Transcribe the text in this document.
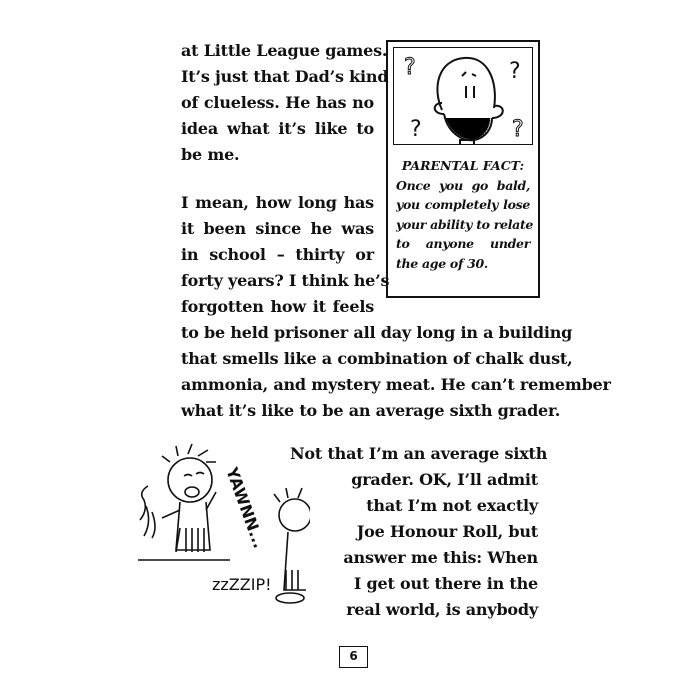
at Little League games.
It’s just that Dad’s kind
of clueless. He has no
idea what it’s like to
be me.
I mean, how long has
it been since he was
in school – thirty or
forty years? I think he’s
forgotten how it feels
to be held prisoner all day long in a building
that smells like a combination of chalk dust,
ammonia, and mystery meat. He can’t remember
what it’s like to be an average sixth grader.
?	?
?	?
PARENTAL FACT:
Once you go bald,
you completely lose
your ability to relate
to anyone under
the age of 30.
YAWNN...
zzZZIP!
Not that I’m an average sixth
grader. OK, I’ll admit
that I’m not exactly
Joe Honour Roll, but
answer me this: When
I get out there in the
real world, is anybody
6
